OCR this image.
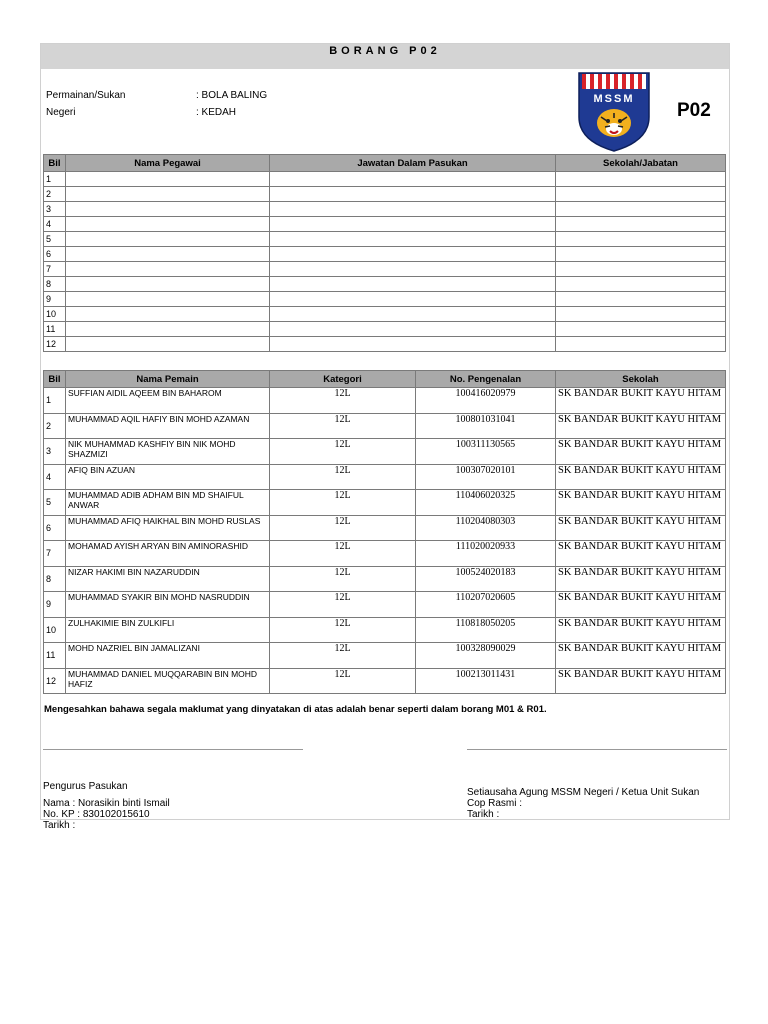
BORANG P02
Permainan/Sukan	: BOLA BALING
Negeri	: KEDAH
MSSM
P02
Bil	Nama Pegawai	Jawatan Dalam Pasukan	Sekolah/Jabatan
1			
2			
3			
4			
5			
6			
7			
8			
9			
10			
11			
12			
Bil	Nama Pemain	Kategori	No. Pengenalan	Sekolah
1	SUFFIAN AIDIL AQEEM BIN BAHAROM	12L	100416020979	SK BANDAR BUKIT KAYU HITAM
2	MUHAMMAD AQIL HAFIY BIN MOHD AZAMAN	12L	100801031041	SK BANDAR BUKIT KAYU HITAM
3	NIK MUHAMMAD KASHFIY BIN NIK MOHD SHAZMIZI	12L	100311130565	SK BANDAR BUKIT KAYU HITAM
4	AFIQ BIN AZUAN	12L	100307020101	SK BANDAR BUKIT KAYU HITAM
5	MUHAMMAD ADIB ADHAM BIN MD SHAIFUL ANWAR	12L	110406020325	SK BANDAR BUKIT KAYU HITAM
6	MUHAMMAD AFIQ HAIKHAL BIN MOHD RUSLAS	12L	110204080303	SK BANDAR BUKIT KAYU HITAM
7	MOHAMAD AYISH ARYAN BIN AMINORASHID	12L	111020020933	SK BANDAR BUKIT KAYU HITAM
8	NIZAR HAKIMI BIN NAZARUDDIN	12L	100524020183	SK BANDAR BUKIT KAYU HITAM
9	MUHAMMAD SYAKIR BIN MOHD NASRUDDIN	12L	110207020605	SK BANDAR BUKIT KAYU HITAM
10	ZULHAKIMIE BIN ZULKIFLI	12L	110818050205	SK BANDAR BUKIT KAYU HITAM
11	MOHD NAZRIEL BIN JAMALIZANI	12L	100328090029	SK BANDAR BUKIT KAYU HITAM
12	MUHAMMAD DANIEL MUQQARABIN BIN MOHD HAFIZ	12L	100213011431	SK BANDAR BUKIT KAYU HITAM
Mengesahkan bahawa segala maklumat yang dinyatakan di atas adalah benar seperti dalam borang M01 & R01.
Pengurus Pasukan
Nama : Norasikin binti Ismail
No. KP : 830102015610
Tarikh :
Setiausaha Agung MSSM Negeri / Ketua Unit Sukan
Cop Rasmi :
Tarikh :
